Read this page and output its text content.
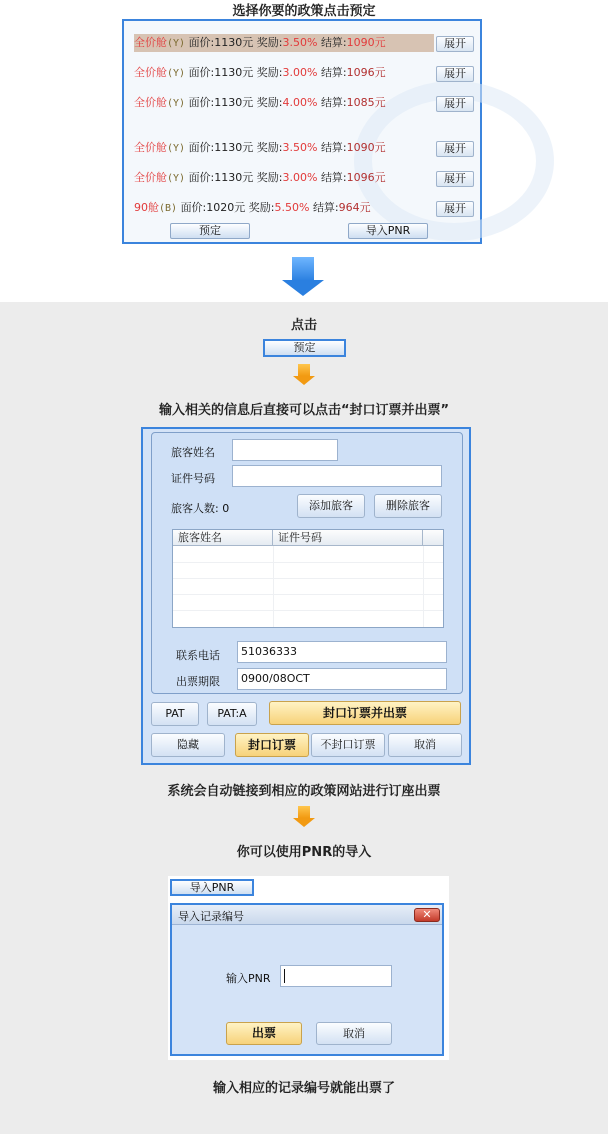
选择你要的政策点击预定
全价舱(Y) 面价:1130元 奖励:3.50% 结算:1090元	展开
全价舱(Y) 面价:1130元 奖励:3.00% 结算:1096元	展开
全价舱(Y) 面价:1130元 奖励:4.00% 结算:1085元	展开
全价舱(Y) 面价:1130元 奖励:3.50% 结算:1090元	展开
全价舱(Y) 面价:1130元 奖励:3.00% 结算:1096元	展开
90舱(B) 面价:1020元 奖励:5.50% 结算:964元	展开
预定	导入PNR
点击
预定
输入相关的信息后直接可以点击“封口订票并出票”
旅客姓名
证件号码
旅客人数: 0	添加旅客	删除旅客
旅客姓名	证件号码
联系电话	51036333
出票期限	0900/08OCT
PAT	PAT:A	封口订票并出票
隐藏	封口订票	不封口订票	取消
系统会自动链接到相应的政策网站进行订座出票
你可以使用PNR的导入
导入PNR
导入记录编号	✕
输入PNR
出票	取消
输入相应的记录编号就能出票了
